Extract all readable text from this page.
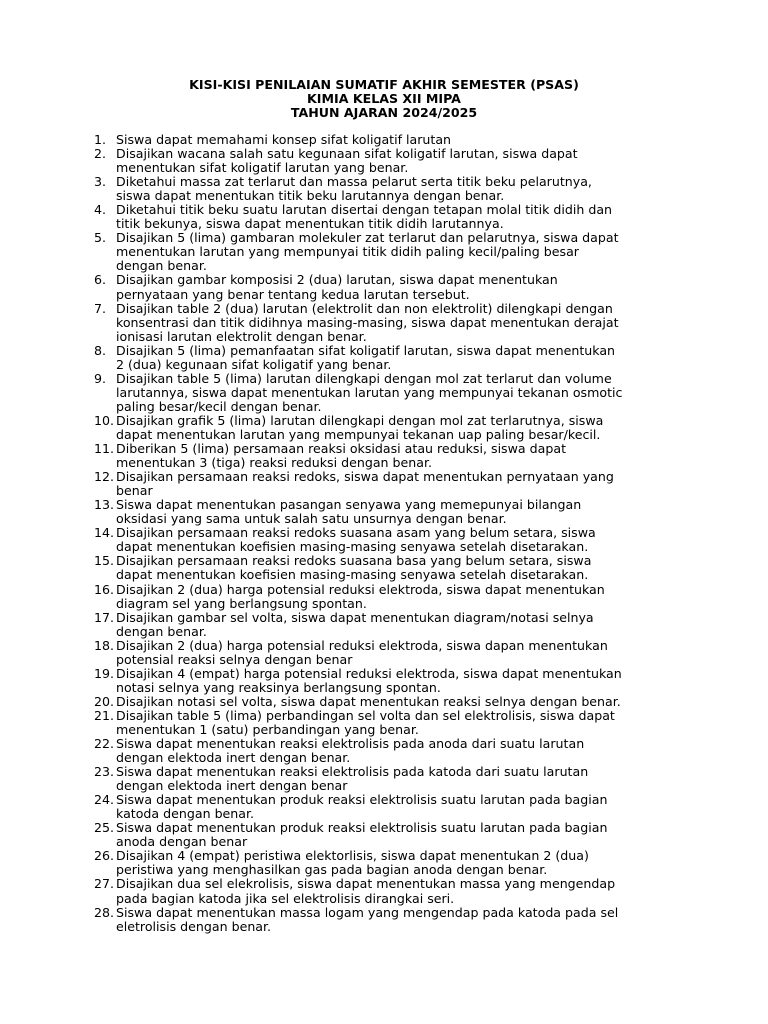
KISI-KISI PENILAIAN SUMATIF AKHIR SEMESTER (PSAS)
KIMIA KELAS XII MIPA
TAHUN AJARAN 2024/2025
1. Siswa dapat memahami konsep sifat koligatif larutan
2. Disajikan wacana salah satu kegunaan sifat koligatif larutan, siswa dapat
menentukan sifat koligatif larutan yang benar.
3. Diketahui massa zat terlarut dan massa pelarut serta titik beku pelarutnya,
siswa dapat menentukan titik beku larutannya dengan benar.
4. Diketahui titik beku suatu larutan disertai dengan tetapan molal titik didih dan
titik bekunya, siswa dapat menentukan titik didih larutannya.
5. Disajikan 5 (lima) gambaran molekuler zat terlarut dan pelarutnya, siswa dapat
menentukan larutan yang mempunyai titik didih paling kecil/paling besar
dengan benar.
6. Disajikan gambar komposisi 2 (dua) larutan, siswa dapat menentukan
pernyataan yang benar tentang kedua larutan tersebut.
7. Disajikan table 2 (dua) larutan (elektrolit dan non elektrolit) dilengkapi dengan
konsentrasi dan titik didihnya masing-masing, siswa dapat menentukan derajat
ionisasi larutan elektrolit dengan benar.
8. Disajikan 5 (lima) pemanfaatan sifat koligatif larutan, siswa dapat menentukan
2 (dua) kegunaan sifat koligatif yang benar.
9. Disajikan table 5 (lima) larutan dilengkapi dengan mol zat terlarut dan volume
larutannya, siswa dapat menentukan larutan yang mempunyai tekanan osmotic
paling besar/kecil dengan benar.
10. Disajikan grafik 5 (lima) larutan dilengkapi dengan mol zat terlarutnya, siswa
dapat menentukan larutan yang mempunyai tekanan uap paling besar/kecil.
11. Diberikan 5 (lima) persamaan reaksi oksidasi atau reduksi, siswa dapat
menentukan 3 (tiga) reaksi reduksi dengan benar.
12. Disajikan persamaan reaksi redoks, siswa dapat menentukan pernyataan yang
benar
13. Siswa dapat menentukan pasangan senyawa yang memepunyai bilangan
oksidasi yang sama untuk salah satu unsurnya dengan benar.
14. Disajikan persamaan reaksi redoks suasana asam yang belum setara, siswa
dapat menentukan koefisien masing-masing senyawa setelah disetarakan.
15. Disajikan persamaan reaksi redoks suasana basa yang belum setara, siswa
dapat menentukan koefisien masing-masing senyawa setelah disetarakan.
16. Disajikan 2 (dua) harga potensial reduksi elektroda, siswa dapat menentukan
diagram sel yang berlangsung spontan.
17. Disajikan gambar sel volta, siswa dapat menentukan diagram/notasi selnya
dengan benar.
18. Disajikan 2 (dua) harga potensial reduksi elektroda, siswa dapan menentukan
potensial reaksi selnya dengan benar
19. Disajikan 4 (empat) harga potensial reduksi elektroda, siswa dapat menentukan
notasi selnya yang reaksinya berlangsung spontan.
20. Disajikan notasi sel volta, siswa dapat menentukan reaksi selnya dengan benar.
21. Disajikan table 5 (lima) perbandingan sel volta dan sel elektrolisis, siswa dapat
menentukan 1 (satu) perbandingan yang benar.
22. Siswa dapat menentukan reaksi elektrolisis pada anoda dari suatu larutan
dengan elektoda inert dengan benar.
23. Siswa dapat menentukan reaksi elektrolisis pada katoda dari suatu larutan
dengan elektoda inert dengan benar
24. Siswa dapat menentukan produk reaksi elektrolisis suatu larutan pada bagian
katoda dengan benar.
25. Siswa dapat menentukan produk reaksi elektrolisis suatu larutan pada bagian
anoda dengan benar
26. Disajikan 4 (empat) peristiwa elektorlisis, siswa dapat menentukan 2 (dua)
peristiwa yang menghasilkan gas pada bagian anoda dengan benar.
27. Disajikan dua sel elekrolisis, siswa dapat menentukan massa yang mengendap
pada bagian katoda jika sel elektrolisis dirangkai seri.
28. Siswa dapat menentukan massa logam yang mengendap pada katoda pada sel
eletrolisis dengan benar.
